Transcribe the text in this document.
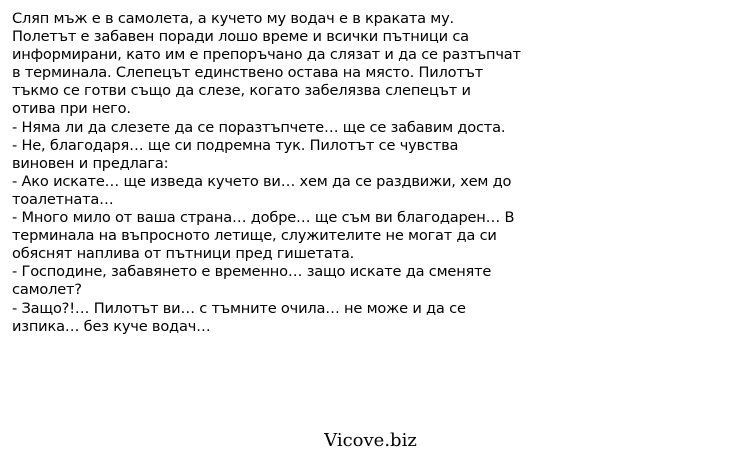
Сляп мъж е в самолета, а кучето му водач е в краката му.
Полетът е забавен поради лошо време и всички пътници са
информирани, като им е препоръчано да слязат и да се разтъпчат
в терминала. Слепецът единствено остава на място. Пилотът
тъкмо се готви също да слезе, когато забелязва слепецът и
отива при него.
- Няма ли да слезете да се поразтъпчете… ще се забавим доста.
- Не, благодаря… ще си подремна тук. Пилотът се чувства
виновен и предлага:
- Ако искате… ще изведа кучето ви… хем да се раздвижи, хем до
тоалетната…
- Много мило от ваша страна… добре… ще съм ви благодарен… В
терминала на въпросното летище, служителите не могат да си
обяснят наплива от пътници пред гишетата.
- Господине, забавянето е временно… защо искате да сменяте
самолет?
- Защо?!… Пилотът ви… с тъмните очила… не може и да се
изпика… без куче водач…
Vicove.biz
